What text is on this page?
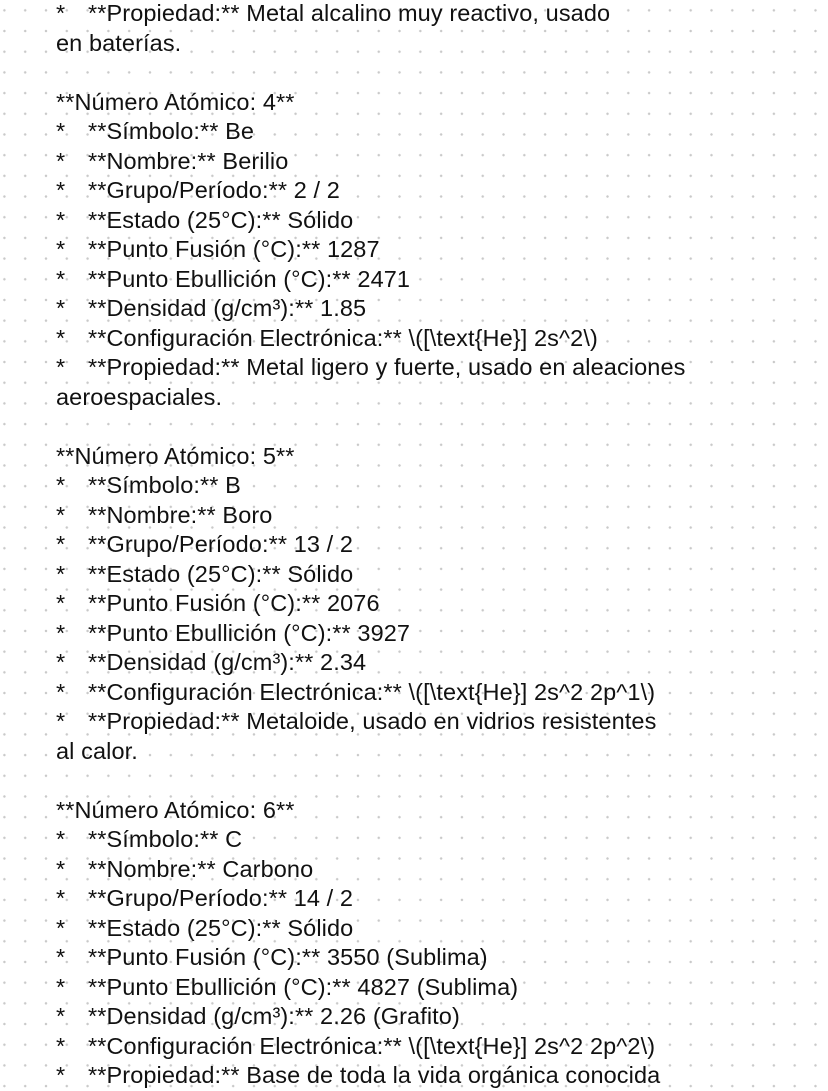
* **Propiedad:** Metal alcalino muy reactivo, usado
en baterías.
**Número Atómico: 4**
* **Símbolo:** Be
* **Nombre:** Berilio
* **Grupo/Período:** 2 / 2
* **Estado (25°C):** Sólido
* **Punto Fusión (°C):** 1287
* **Punto Ebullición (°C):** 2471
* **Densidad (g/cm³):** 1.85
* **Configuración Electrónica:** \([\text{He}] 2s^2\)
* **Propiedad:** Metal ligero y fuerte, usado en aleaciones
aeroespaciales.
**Número Atómico: 5**
* **Símbolo:** B
* **Nombre:** Boro
* **Grupo/Período:** 13 / 2
* **Estado (25°C):** Sólido
* **Punto Fusión (°C):** 2076
* **Punto Ebullición (°C):** 3927
* **Densidad (g/cm³):** 2.34
* **Configuración Electrónica:** \([\text{He}] 2s^2 2p^1\)
* **Propiedad:** Metaloide, usado en vidrios resistentes
al calor.
**Número Atómico: 6**
* **Símbolo:** C
* **Nombre:** Carbono
* **Grupo/Período:** 14 / 2
* **Estado (25°C):** Sólido
* **Punto Fusión (°C):** 3550 (Sublima)
* **Punto Ebullición (°C):** 4827 (Sublima)
* **Densidad (g/cm³):** 2.26 (Grafito)
* **Configuración Electrónica:** \([\text{He}] 2s^2 2p^2\)
* **Propiedad:** Base de toda la vida orgánica conocida
